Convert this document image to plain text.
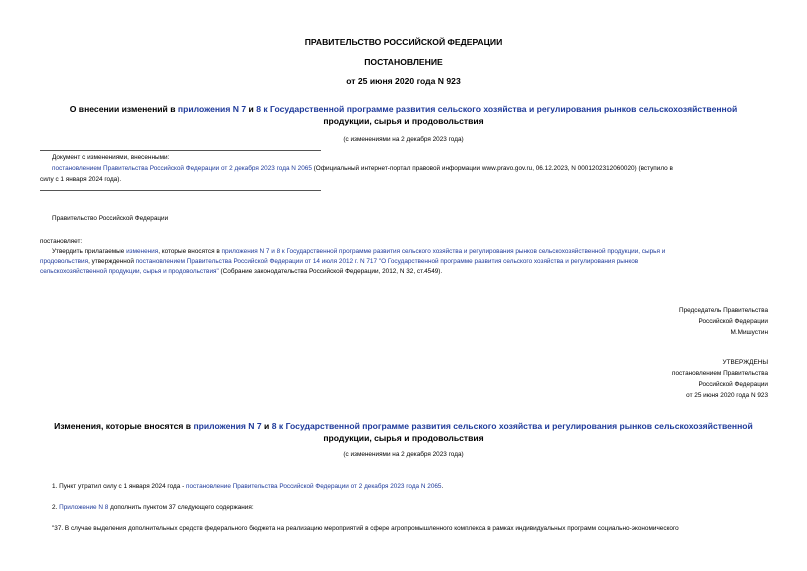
ПРАВИТЕЛЬСТВО РОССИЙСКОЙ ФЕДЕРАЦИИ
ПОСТАНОВЛЕНИЕ
от 25 июня 2020 года N 923
О внесении изменений в приложения N 7 и 8 к Государственной программе развития сельского хозяйства и регулирования рынков сельскохозяйственной
продукции, сырья и продовольствия
(с изменениями на 2 декабря 2023 года)
Документ с изменениями, внесенными:
постановлением Правительства Российской Федерации от 2 декабря 2023 года N 2065 (Официальный интернет-портал правовой информации www.pravo.gov.ru, 06.12.2023, N 0001202312060020) (вступило в
силу с 1 января 2024 года).
Правительство Российской Федерации
постановляет:
Утвердить прилагаемые изменения, которые вносятся в приложения N 7 и 8 к Государственной программе развития сельского хозяйства и регулирования рынков сельскохозяйственной продукции, сырья и
продовольствия, утвержденной постановлением Правительства Российской Федерации от 14 июля 2012 г. N 717 "О Государственной программе развития сельского хозяйства и регулирования рынков
сельскохозяйственной продукции, сырья и продовольствия" (Собрание законодательства Российской Федерации, 2012, N 32, ст.4549).
Председатель Правительства
Российской Федерации
М.Мишустин
УТВЕРЖДЕНЫ
постановлением Правительства
Российской Федерации
от 25 июня 2020 года N 923
Изменения, которые вносятся в приложения N 7 и 8 к Государственной программе развития сельского хозяйства и регулирования рынков сельскохозяйственной
продукции, сырья и продовольствия
(с изменениями на 2 декабря 2023 года)
1. Пункт утратил силу с 1 января 2024 года - постановление Правительства Российской Федерации от 2 декабря 2023 года N 2065.
2. Приложение N 8 дополнить пунктом 37 следующего содержания:
"37. В случае выделения дополнительных средств федерального бюджета на реализацию мероприятий в сфере агропромышленного комплекса в рамках индивидуальных программ социально-экономического
